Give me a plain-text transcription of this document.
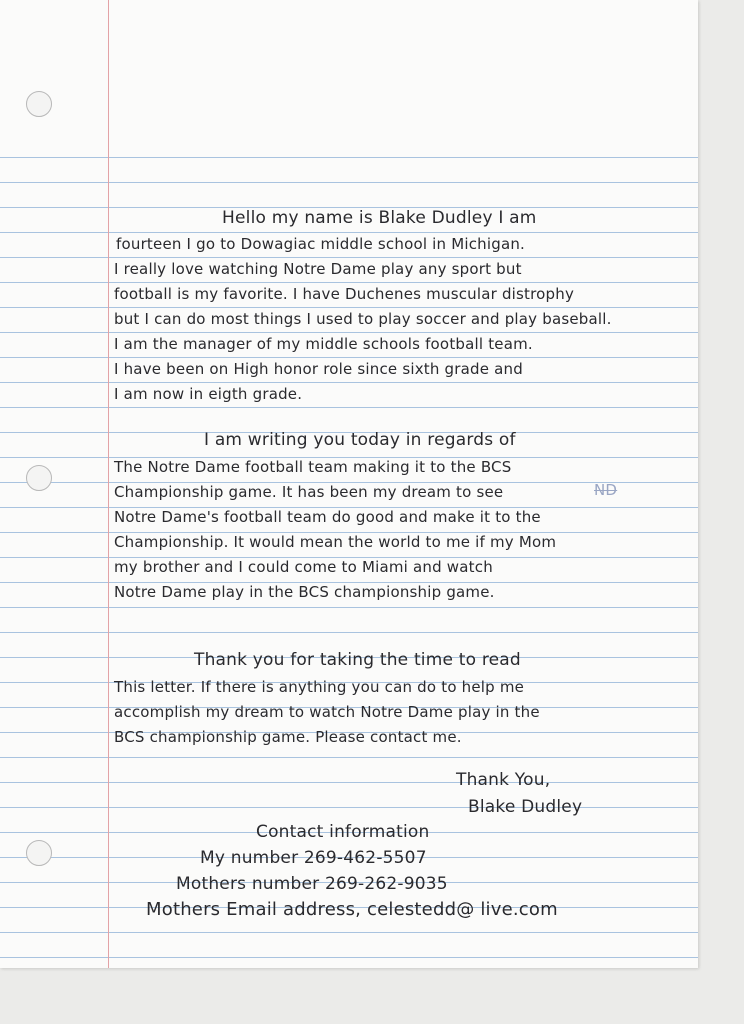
Hello my name is Blake Dudley I am
fourteen I go to Dowagiac middle school in Michigan.
I really love watching Notre Dame play any sport but
football is my favorite. I have Duchenes muscular distrophy
but I can do most things I used to play soccer and play baseball.
I am the manager of my middle schools football team.
I have been on High honor role since sixth grade and
I am now in eigth grade.
I am writing you today in regards of
The Notre Dame football team making it to the BCS
Championship game. It has been my dream to see	ND
Notre Dame's football team do good and make it to the
Championship. It would mean the world to me if my Mom
my brother and I could come to Miami and watch
Notre Dame play in the BCS championship game.
Thank you for taking the time to read
This letter. If there is anything you can do to help me
accomplish my dream to watch Notre Dame play in the
BCS championship game. Please contact me.
Thank You,
Blake Dudley
Contact information
My number 269-462-5507
Mothers number 269-262-9035
Mothers Email address, celestedd@ live.com
